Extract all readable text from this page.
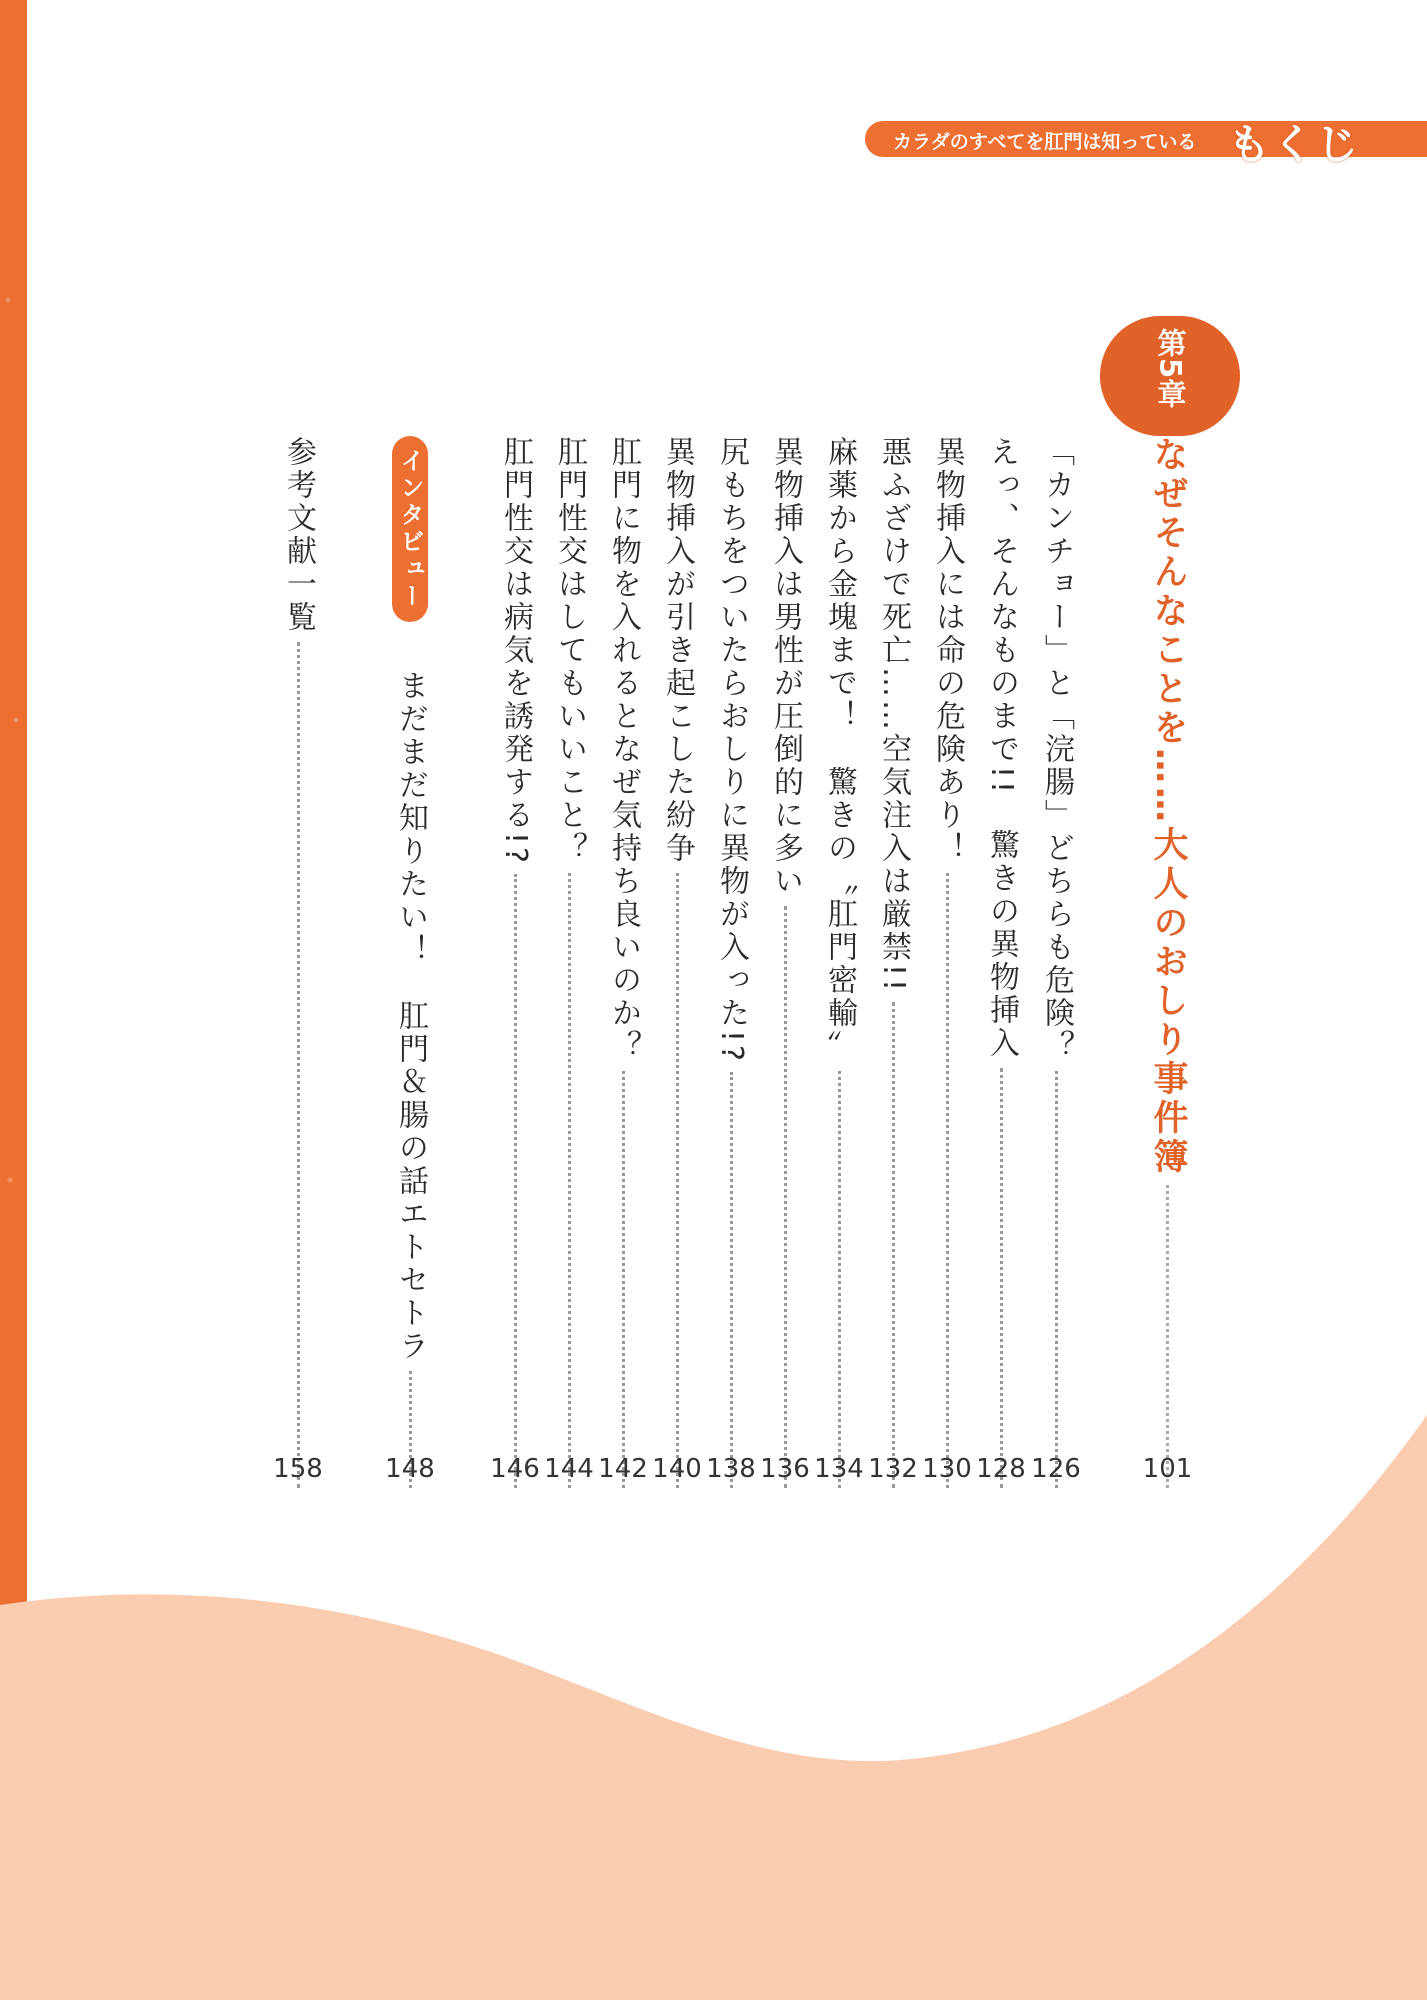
カラダのすべてを肛門は知っている もくじ
第5章
なぜそんなことを……大人のおしり事件簿
101
「カンチョー」と「浣腸」どちらも危険？
126
えっ、そんなものまで!!　驚きの異物挿入
128
異物挿入には命の危険あり！
130
悪ふざけで死亡……空気注入は厳禁!!
132
麻薬から金塊まで！　驚きの〝肛門密輸〟
134
異物挿入は男性が圧倒的に多い
136
尻もちをついたらおしりに異物が入った!?
138
異物挿入が引き起こした紛争
140
肛門に物を入れるとなぜ気持ち良いのか？
142
肛門性交はしてもいいこと？
144
肛門性交は病気を誘発する!?
146
インタビュー
まだまだ知りたい！　肛門＆腸の話エトセトラ
148
参考文献一覧
158
